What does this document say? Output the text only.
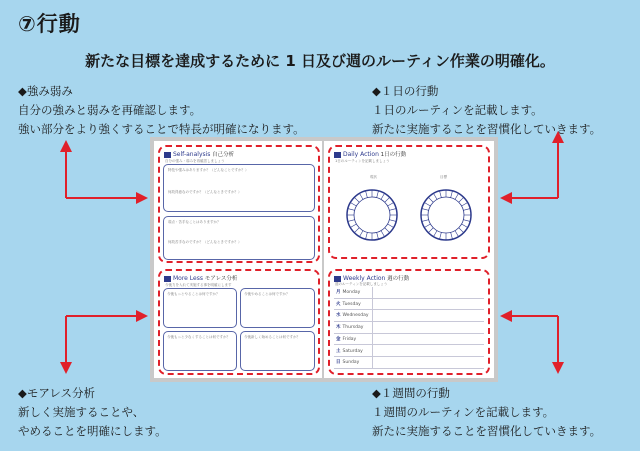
⑦行動
新たな目標を達成するために 1 日及び週のルーティン作業の明確化。
◆強み弱み
自分の強みと弱みを再確認します。
強い部分をより強くすることで特長が明確になります。
◆１日の行動
１日のルーティンを記載します。
新たに実施することを習慣化していきます。
◆モアレス分析
新しく実施することや、
やめることを明確にします。
◆１週間の行動
１週間のルーティンを記載します。
新たに実施することを習慣化していきます。
Self-analysis 自己分析
自分の強み・弱みを再確認しましょう
特技や強みはありますか？（どんなことですか？）
何故得意なのですか？（どんなときですか？）
弱点・苦手なことはありますか？
何故苦手なのですか？（どんなときですか？）
More Less モアレス分析
今後力を入れて実施する事を明確にします
今後もっとやることは何ですか？	今後やめることは何ですか？
今後もっと少なくすることは何ですか？	今後新しく始めることは何ですか？
Daily Action 1日の行動
1日のルーティンを記載しましょう
現状	目標
Weekly Action 週の行動
週のルーティンを記載しましょう
月 Monday
火 Tuesday
水 Wednesday
木 Thursday
金 Friday
土 Saturday
日 Sunday
